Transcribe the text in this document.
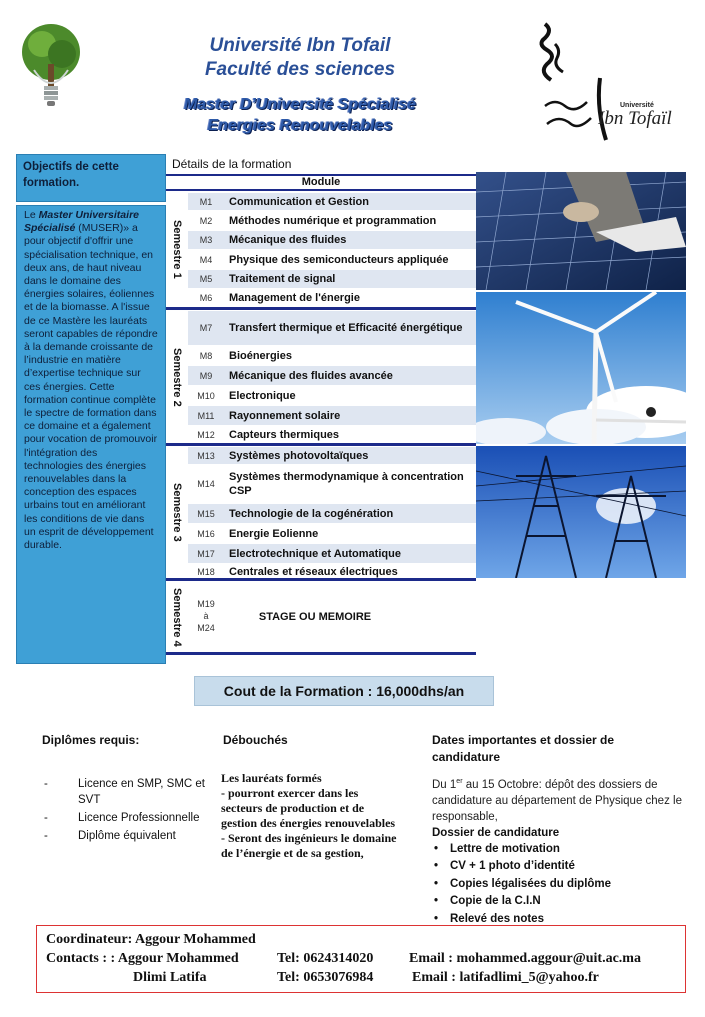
Université Ibn Tofail
Faculté des sciences
Master D’Université Spécialisé
Energies Renouvelables
Université
Ibn Tofaïl
Objectifs de cette formation.
Le Master Universitaire Spécialisé (MUSER)» a pour objectif d'offrir une spécialisation technique, en deux ans, de haut niveau dans le domaine des énergies solaires, éoliennes et de la biomasse. A l'issue de ce Mastère les lauréats seront capables de répondre à la demande croissante de l’industrie en matière d’expertise technique sur ces énergies. Cette formation continue complète le spectre de formation dans ce domaine et a également pour vocation de promouvoir l'intégration des technologies des énergies renouvelables dans la conception des espaces urbains tout en améliorant les conditions de vie dans un esprit de développement durable.
Détails de la formation
Module
Semestre 1
M1	Communication et Gestion
M2	Méthodes numérique et programmation
M3	Mécanique des fluides
M4	Physique des semiconducteurs appliquée
M5	Traitement de signal
M6	Management de l'énergie
Semestre 2
M7	Transfert thermique et Efficacité énergétique
M8	Bioénergies
M9	Mécanique des fluides avancée
M10	Electronique
M11	Rayonnement solaire
M12	Capteurs thermiques
Semestre 3
M13	Systèmes photovoltaïques
M14
Systèmes thermodynamique à concentration CSP
M15	Technologie de la cogénération
M16	Energie Eolienne
M17	Electrotechnique et Automatique
M18	Centrales et réseaux électriques
Semestre 4	M19
à
M24
STAGE OU MEMOIRE
Cout de la Formation : 16,000dhs/an
Diplômes requis:
- Licence en SMP, SMC et SVT
- Licence Professionnelle
- Diplôme équivalent
Débouchés
Les lauréats formés
- pourront exercer dans les secteurs de production et de gestion des énergies renouvelables
- Seront des ingénieurs le domaine de l’énergie et de sa gestion,
Dates importantes et dossier de candidature
Du 1er au 15 Octobre: dépôt des dossiers de candidature au département de Physique chez le responsable,
Dossier de candidature
• Lettre de motivation
• CV + 1 photo d’identité
• Copies légalisées du diplôme
• Copie de la C.I.N
• Relevé des notes
Coordinateur: Aggour Mohammed
Contacts : : Aggour Mohammed	Tel: 0624314020	Email : mohammed.aggour@uit.ac.ma
Dlimi Latifa	Tel: 0653076984	Email : latifadlimi_5@yahoo.fr
